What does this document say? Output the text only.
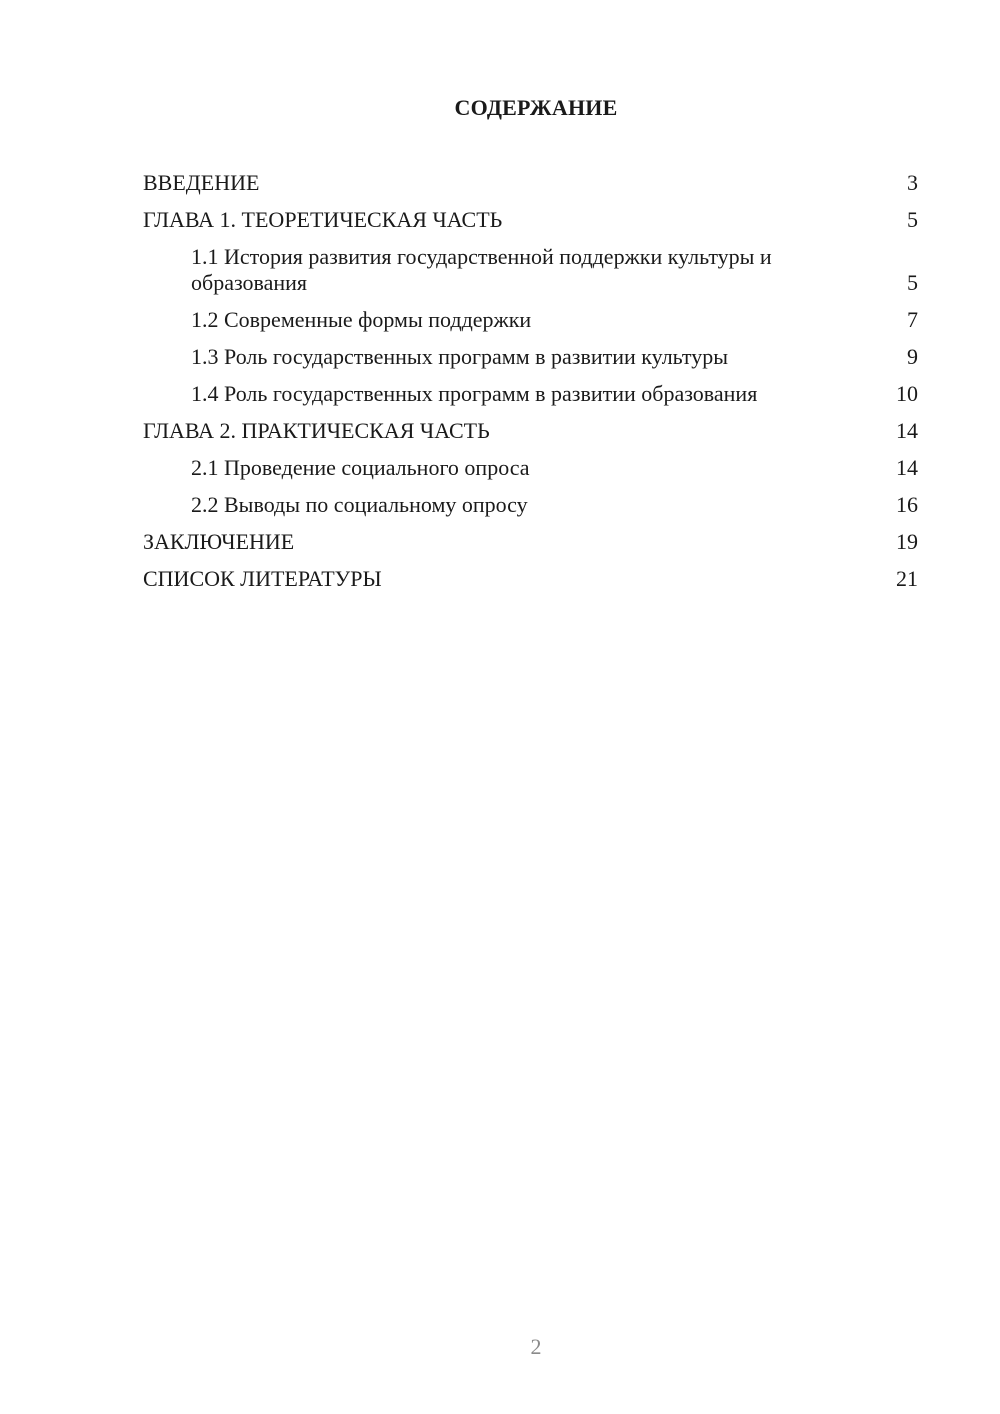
СОДЕРЖАНИЕ
ВВЕДЕНИЕ	3
ГЛАВА 1. ТЕОРЕТИЧЕСКАЯ ЧАСТЬ	5
1.1 История развития государственной поддержки культуры и образования	5
1.2 Современные формы поддержки	7
1.3 Роль государственных программ в развитии культуры	9
1.4 Роль государственных программ в развитии образования	10
ГЛАВА 2. ПРАКТИЧЕСКАЯ ЧАСТЬ	14
2.1 Проведение социального опроса	14
2.2 Выводы по социальному опросу	16
ЗАКЛЮЧЕНИЕ	19
СПИСОК ЛИТЕРАТУРЫ	21
2
